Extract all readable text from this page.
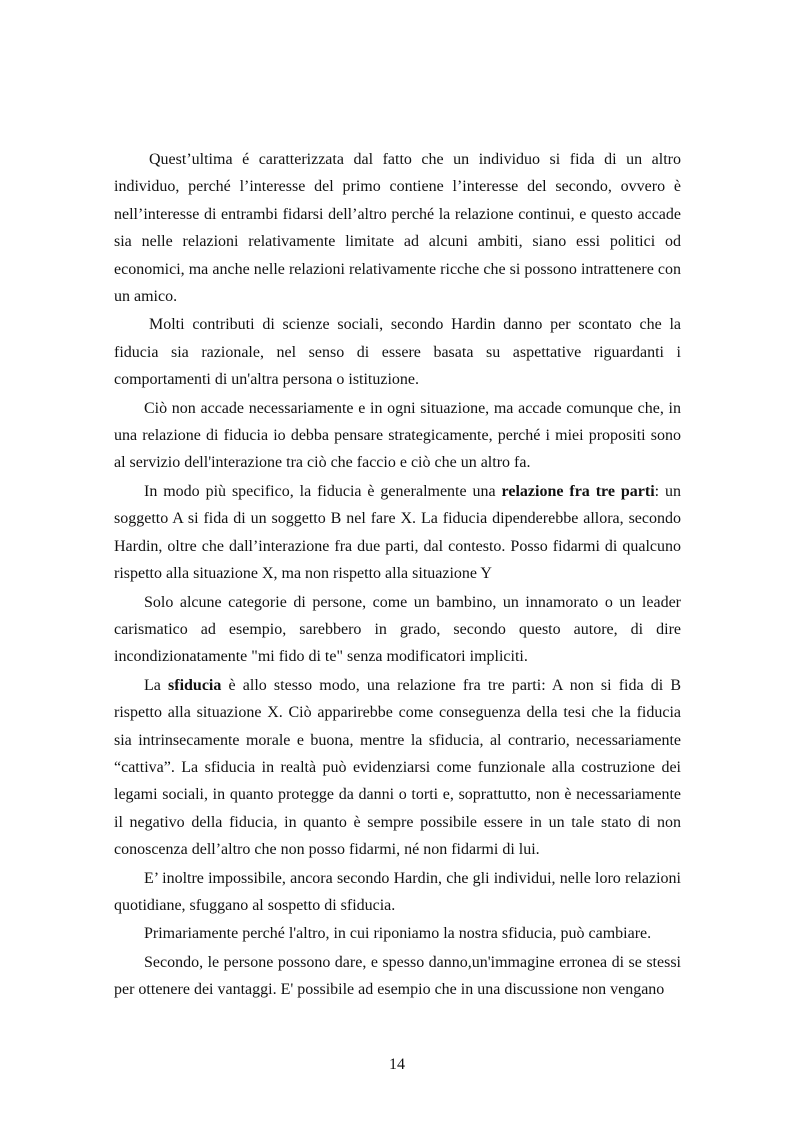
Quest’ultima é caratterizzata dal fatto che un individuo si fida di un altro individuo, perché l’interesse del primo contiene l’interesse del secondo, ovvero è nell’interesse di entrambi fidarsi dell’altro perché la relazione continui, e questo accade sia nelle relazioni relativamente limitate ad alcuni ambiti, siano essi politici od economici, ma anche nelle relazioni relativamente ricche che si possono intrattenere con un amico.

Molti contributi di scienze sociali, secondo Hardin danno per scontato che la fiducia sia razionale, nel senso di essere basata su aspettative riguardanti i comportamenti di un'altra persona o istituzione.

Ciò non accade necessariamente e in ogni situazione, ma accade comunque che, in una relazione di fiducia io debba pensare strategicamente, perché i miei propositi sono al servizio dell'interazione tra ciò che faccio e ciò che un altro fa.

In modo più specifico, la fiducia è generalmente una relazione fra tre parti: un soggetto A si fida di un soggetto B nel fare X. La fiducia dipenderebbe allora, secondo Hardin, oltre che dall’interazione fra due parti, dal contesto. Posso fidarmi di qualcuno rispetto alla situazione X, ma non rispetto alla situazione Y

Solo alcune categorie di persone, come un bambino, un innamorato o un leader carismatico ad esempio, sarebbero in grado, secondo questo autore, di dire incondizionatamente "mi fido di te" senza modificatori impliciti.

La sfiducia è allo stesso modo, una relazione fra tre parti: A non si fida di B rispetto alla situazione X. Ciò apparirebbe come conseguenza della tesi che la fiducia sia intrinsecamente morale e buona, mentre la sfiducia, al contrario, necessariamente “cattiva”. La sfiducia in realtà può evidenziarsi come funzionale alla costruzione dei legami sociali, in quanto protegge da danni o torti e, soprattutto, non è necessariamente il negativo della fiducia, in quanto è sempre possibile essere in un tale stato di non conoscenza dell’altro che non posso fidarmi, né non fidarmi di lui.

E’ inoltre impossibile, ancora secondo Hardin, che gli individui, nelle loro relazioni quotidiane, sfuggano al sospetto di sfiducia.

Primariamente perché l'altro, in cui riponiamo la nostra sfiducia, può cambiare.

Secondo, le persone possono dare, e spesso danno,un'immagine erronea di se stessi per ottenere dei vantaggi. E' possibile ad esempio che in una discussione non vengano

14
